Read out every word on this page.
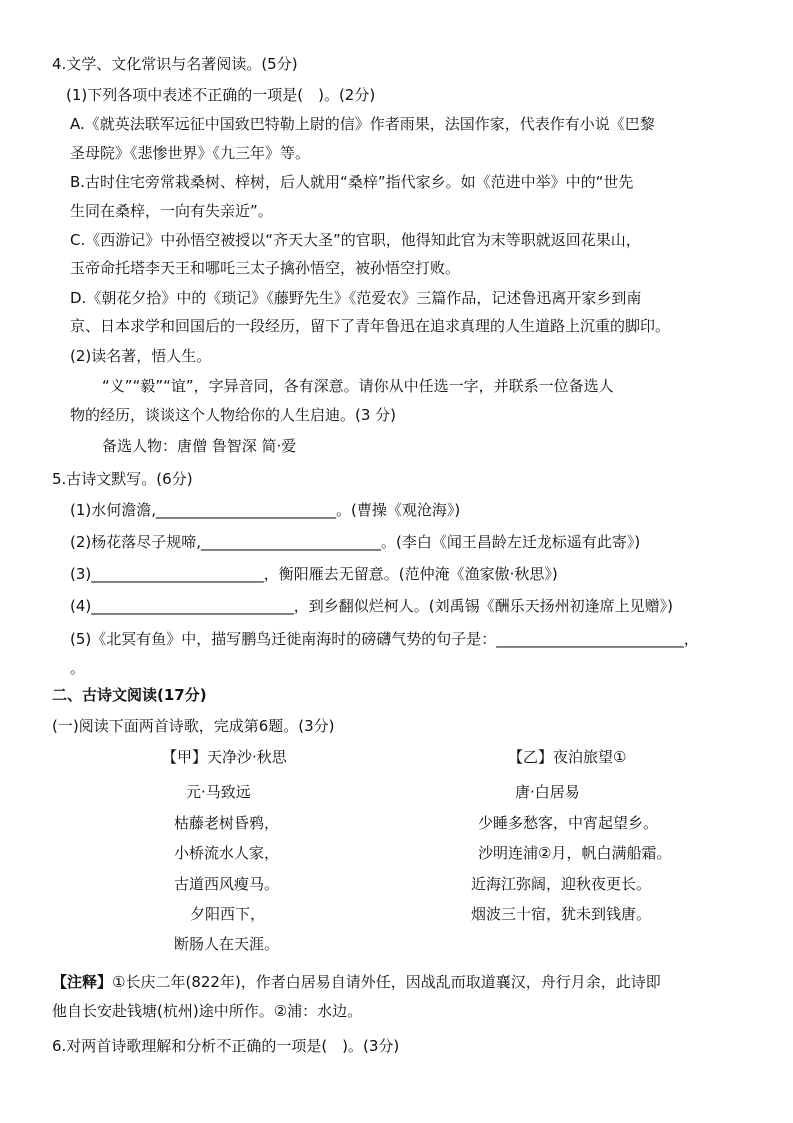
4.文学、文化常识与名著阅读。(5分)
(1)下列各项中表述不正确的一项是(　)。(2分)
A.《就英法联军远征中国致巴特勒上尉的信》作者雨果，法国作家，代表作有小说《巴黎
圣母院》《悲惨世界》《九三年》等。
B.古时住宅旁常栽桑树、梓树，后人就用“桑梓”指代家乡。如《范进中举》中的“世先
生同在桑梓，一向有失亲近”。
C.《西游记》中孙悟空被授以“齐天大圣”的官职，他得知此官为末等职就返回花果山，
玉帝命托塔李天王和哪吒三太子擒孙悟空，被孙悟空打败。
D.《朝花夕拾》中的《琐记》《藤野先生》《范爱农》三篇作品，记述鲁迅离开家乡到南
京、日本求学和回国后的一段经历，留下了青年鲁迅在追求真理的人生道路上沉重的脚印。
(2)读名著，悟人生。
“义”“毅”“谊”，字异音同，各有深意。请你从中任选一字，并联系一位备选人
物的经历，谈谈这个人物给你的人生启迪。(3 分)
备选人物：唐僧 鲁智深 简·爱
5.古诗文默写。(6分)
(1)水何澹澹,________________________。(曹操《观沧海》)
(2)杨花落尽子规啼,________________________。(李白《闻王昌龄左迁龙标遥有此寄》)
(3)_______________________，衡阳雁去无留意。(范仲淹《渔家傲·秋思》)
(4)___________________________，到乡翻似烂柯人。(刘禹锡《酬乐天扬州初逢席上见赠》)
(5)《北冥有鱼》中，描写鹏鸟迁徙南海时的磅礴气势的句子是：_________________________，
。
二、古诗文阅读(17分)
(一)阅读下面两首诗歌，完成第6题。(3分)
【甲】天净沙·秋思
元·马致远
枯藤老树昏鸦，
小桥流水人家，
古道西风瘦马。
夕阳西下，
断肠人在天涯。
【乙】夜泊旅望①
唐·白居易
少睡多愁客，中宵起望乡。
沙明连浦②月，帆白满船霜。
近海江弥阔，迎秋夜更长。
烟波三十宿，犹未到钱唐。
【注释】①长庆二年(822年)，作者白居易自请外任，因战乱而取道襄汉，舟行月余，此诗即
他自长安赴钱塘(杭州)途中所作。②浦：水边。
6.对两首诗歌理解和分析不正确的一项是(　)。(3分)
